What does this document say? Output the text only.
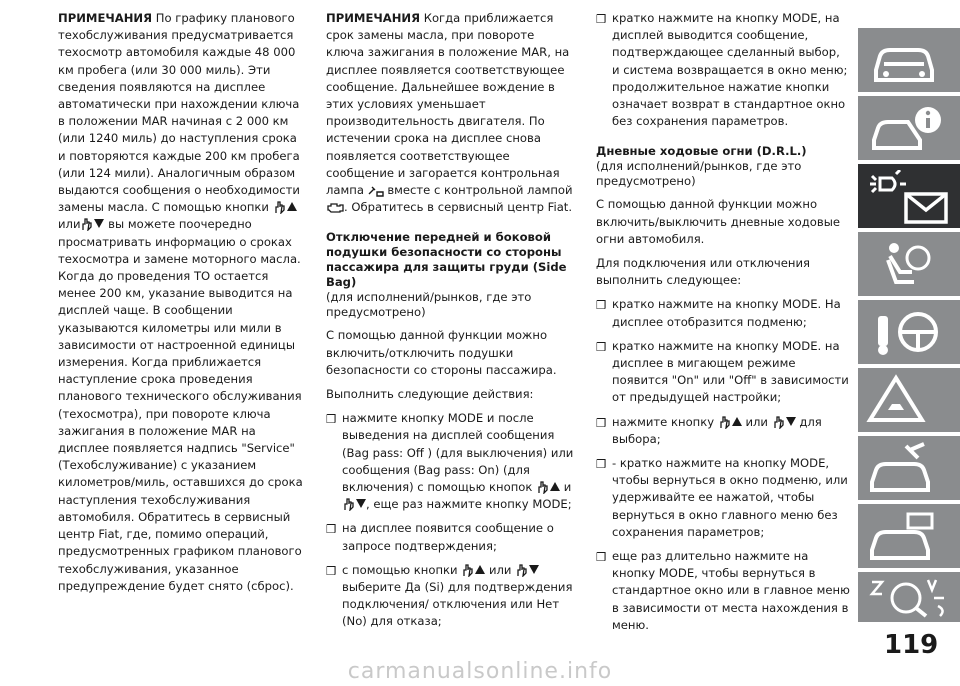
ПРИМЕЧАНИЯ По графику планового техобслуживания предусматривается техосмотр автомобиля каждые 48 000 км пробега (или 30 000 миль). Эти сведения появляются на дисплее автоматически при нахождении ключа в положении MAR начиная с 2 000 км (или 1240 миль) до наступления срока и повторяются каждые 200 км пробега (или 124 мили). Аналогичным образом выдаются сообщения о необходимости замены масла. С помощью кнопки или вы можете поочередно просматривать информацию о сроках техосмотра и замене моторного масла. Когда до проведения ТО остается менее 200 км, указание выводится на дисплей чаще. В сообщении указываются километры или мили в зависимости от настроенной единицы измерения. Когда приближается наступление срока проведения планового технического обслуживания (техосмотра), при повороте ключа зажигания в положение MAR на дисплее появляется надпись "Service" (Техобслуживание) с указанием километров/миль, оставшихся до срока наступления техобслуживания автомобиля. Обратитесь в сервисный центр Fiat, где, помимо операций, предусмотренных графиком планового техобслуживания, указанное предупреждение будет снято (сброс).

ПРИМЕЧАНИЯ Когда приближается срок замены масла, при повороте ключа зажигания в положение MAR, на дисплее появляется соответствующее сообщение. Дальнейшее вождение в этих условиях уменьшает производительность двигателя. По истечении срока на дисплее снова появляется соответствующее сообщение и загорается контрольная лампа  вместе с контрольной лампой . Обратитесь в сервисный центр Fiat.

Отключение передней и боковой подушки безопасности со стороны пассажира для защиты груди (Side Bag)

(для исполнений/рынков, где это предусмотрено)

С помощью данной функции можно включить/отключить подушки безопасности со стороны пассажира.

Выполнить следующие действия:

❒ нажмите кнопку MODE и после выведения на дисплей сообщения (Bag pass: Off ) (для выключения) или сообщения (Bag pass: On) (для включения) с помощью кнопок	и , еще раз нажмите кнопку MODE;
❒ на дисплее появится сообщение о запросе подтверждения;
❒ с помощью кнопки	или  выберите Да (Si) для подтверждения подключения/ отключения или Нет (No) для отказа;
❒ кратко нажмите на кнопку MODE, на дисплей выводится сообщение, подтверждающее сделанный выбор, и система возвращается в окно меню; продолжительное нажатие кнопки означает возврат в стандартное окно без сохранения параметров.
Дневные ходовые огни (D.R.L.)

(для исполнений/рынков, где это предусмотрено)

С помощью данной функции можно включить/выключить дневные ходовые огни автомобиля.

Для подключения или отключения выполнить следующее:

❒ кратко нажмите на кнопку MODE. На дисплее отобразится подменю;
❒ кратко нажмите на кнопку MODE. на дисплее в мигающем режиме появится "On" или "Off" в зависимости от предыдущей настройки;
❒ нажмите кнопку	или	для выбора;
❒ - кратко нажмите на кнопку MODE, чтобы вернуться в окно подменю, или удерживайте ее нажатой, чтобы вернуться в окно главного меню без сохранения параметров;
❒ еще раз длительно нажмите на кнопку MODE, чтобы вернуться в стандартное окно или в главное меню в зависимости от места нахождения в меню.
119
carmanualsonline.info
